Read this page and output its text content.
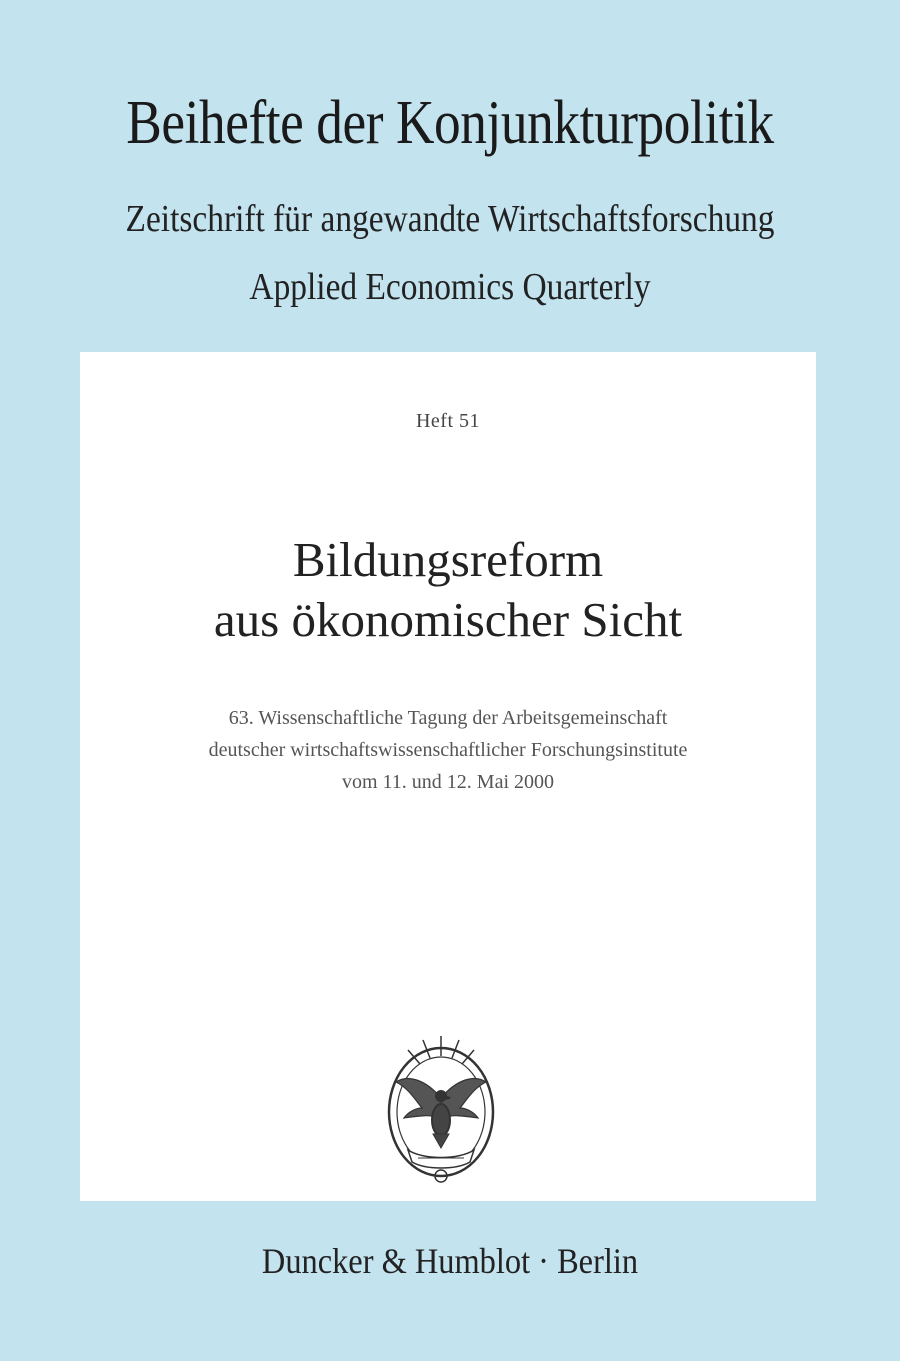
Beihefte der Konjunkturpolitik
Zeitschrift für angewandte Wirtschaftsforschung
Applied Economics Quarterly
Heft 51
Bildungsreform
aus ökonomischer Sicht
63. Wissenschaftliche Tagung der Arbeitsgemeinschaft
deutscher wirtschaftswissenschaftlicher Forschungsinstitute
vom 11. und 12. Mai 2000
Duncker & Humblot · Berlin
